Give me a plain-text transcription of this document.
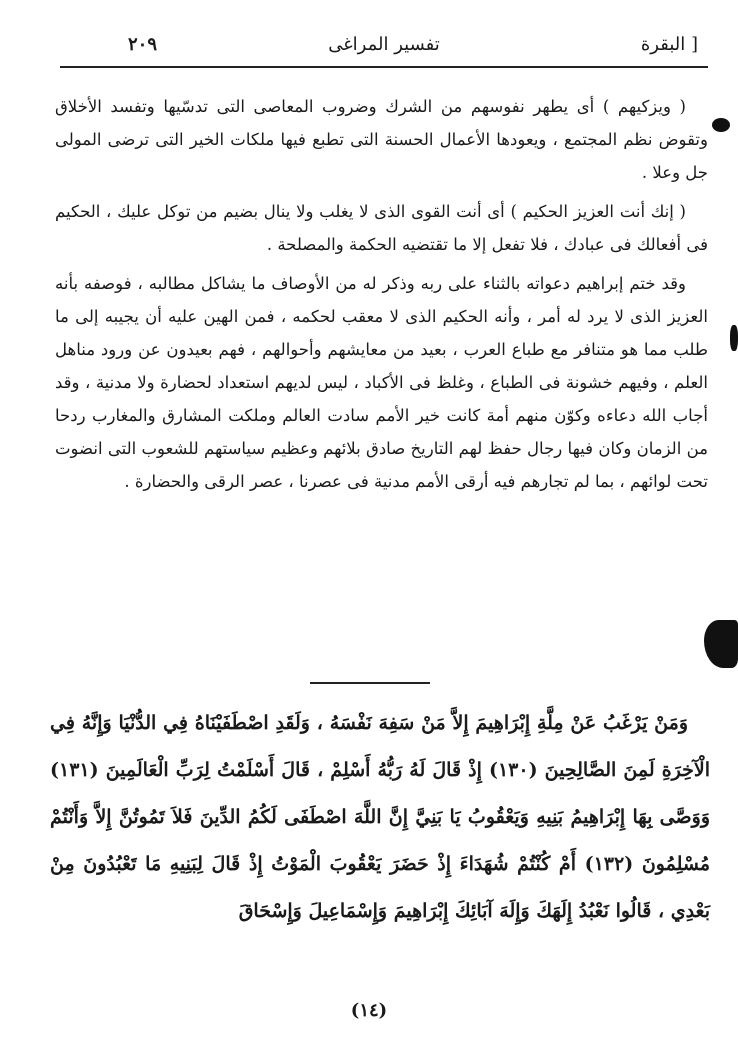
البقرة ]
تفسير المراغى
٢٠٩

( ويزكيهم ) أى يطهر نفوسهم من الشرك وضروب المعاصى التى تدسّيها وتفسد الأخلاق وتقوض نظم المجتمع ، ويعودها الأعمال الحسنة التى تطبع فيها ملكات الخير التى ترضى المولى جل وعلا .

( إنك أنت العزيز الحكيم ) أى أنت القوى الذى لا يغلب ولا ينال بضيم من توكل عليك ، الحكيم فى أفعالك فى عبادك ، فلا تفعل إلا ما تقتضيه الحكمة والمصلحة .

وقد ختم إبراهيم دعواته بالثناء على ربه وذكر له من الأوصاف ما يشاكل مطالبه ، فوصفه بأنه العزيز الذى لا يرد له أمر ، وأنه الحكيم الذى لا معقب لحكمه ، فمن الهين عليه أن يجيبه إلى ما طلب مما هو متنافر مع طباع العرب ، بعيد من معايشهم وأحوالهم ، فهم بعيدون عن ورود مناهل العلم ، وفيهم خشونة فى الطباع ، وغلظ فى الأكباد ، ليس لديهم استعداد لحضارة ولا مدنية ، وقد أجاب الله دعاءه وكوّن منهم أمة كانت خير الأمم سادت العالم وملكت المشارق والمغارب ردحا من الزمان وكان فيها رجال حفظ لهم التاريخ صادق بلائهم وعظيم سياستهم للشعوب التى انضوت تحت لوائهم ، بما لم تجارهم فيه أرقى الأمم مدنية فى عصرنا ، عصر الرقى والحضارة .

وَمَنْ يَرْغَبُ عَنْ مِلَّةِ إِبْرَاهِيمَ إِلاَّ مَنْ سَفِهَ نَفْسَهُ ، وَلَقَدِ اصْطَفَيْنَاهُ فِي الدُّنْيَا وَإِنَّهُ فِي الْآخِرَةِ لَمِنَ الصَّالِحِينَ (١٣٠) إِذْ قَالَ لَهُ رَبُّهُ أَسْلِمْ ، قَالَ أَسْلَمْتُ لِرَبِّ الْعَالَمِينَ (١٣١) وَوَصَّى بِهَا إِبْرَاهِيمُ بَنِيهِ وَيَعْقُوبُ يَا بَنِيَّ إِنَّ اللَّهَ اصْطَفَى لَكُمُ الدِّينَ فَلاَ تَمُوتُنَّ إِلاَّ وَأَنْتُمْ مُسْلِمُونَ (١٣٢) أَمْ كُنْتُمْ شُهَدَاءَ إِذْ حَضَرَ يَعْقُوبَ الْمَوْتُ إِذْ قَالَ لِبَنِيهِ مَا تَعْبُدُونَ مِنْ بَعْدِي ، قَالُوا نَعْبُدُ إِلَهَكَ وَإِلَهَ آبَائِكَ إِبْرَاهِيمَ وَإِسْمَاعِيلَ وَإِسْحَاقَ

(١٤)
